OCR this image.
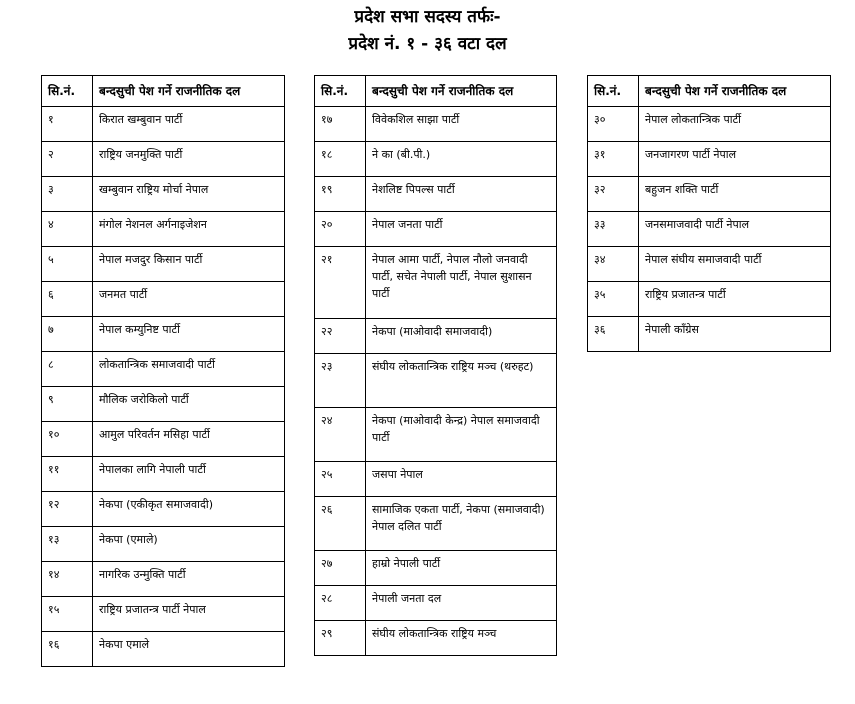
प्रदेश सभा सदस्य तर्फः-
प्रदेश नं. १ - ३६ वटा दल
सि.नं.	बन्दसुची पेश गर्ने राजनीतिक दल
१	किरात खम्बुवान पार्टी
२	राष्ट्रिय जनमुक्ति पार्टी
३	खम्बुवान राष्ट्रिय मोर्चा नेपाल
४	मंगोल नेशनल अर्गनाइजेशन
५	नेपाल मजदुर किसान पार्टी
६	जनमत पार्टी
७	नेपाल कम्युनिष्ट पार्टी
८	लोकतान्त्रिक समाजवादी पार्टी
९	मौलिक जरोकिलो पार्टी
१०	आमुल परिवर्तन मसिहा पार्टी
११	नेपालका लागि नेपाली पार्टी
१२	नेकपा (एकीकृत समाजवादी)
१३	नेकपा (एमाले)
१४	नागरिक उन्मुक्ति पार्टी
१५	राष्ट्रिय प्रजातन्त्र पार्टी नेपाल
१६	नेकपा एमाले
सि.नं.	बन्दसुची पेश गर्ने राजनीतिक दल
१७	विवेकशिल साझा पार्टी
१८	ने का (बी.पी.)
१९	नेशलिष्ट पिपल्स पार्टी
२०	नेपाल जनता पार्टी
२१	नेपाल आमा पार्टी, नेपाल नौलो जनवादी पार्टी, सचेत नेपाली पार्टी, नेपाल सुशासन पार्टी
२२	नेकपा (माओवादी समाजवादी)
२३	संघीय लोकतान्त्रिक राष्ट्रिय मञ्च (थरुहट)
२४	नेकपा (माओवादी केन्द्र) नेपाल समाजवादी पार्टी
२५	जसपा नेपाल
२६	सामाजिक एकता पार्टी, नेकपा (समाजवादी) नेपाल दलित पार्टी
२७	हाम्रो नेपाली पार्टी
२८	नेपाली जनता दल
२९	संघीय लोकतान्त्रिक राष्ट्रिय मञ्च
सि.नं.	बन्दसुची पेश गर्ने राजनीतिक दल
३०	नेपाल लोकतान्त्रिक पार्टी
३१	जनजागरण पार्टी नेपाल
३२	बहुजन शक्ति पार्टी
३३	जनसमाजवादी पार्टी नेपाल
३४	नेपाल संघीय समाजवादी पार्टी
३५	राष्ट्रिय प्रजातन्त्र पार्टी
३६	नेपाली काँग्रेस
